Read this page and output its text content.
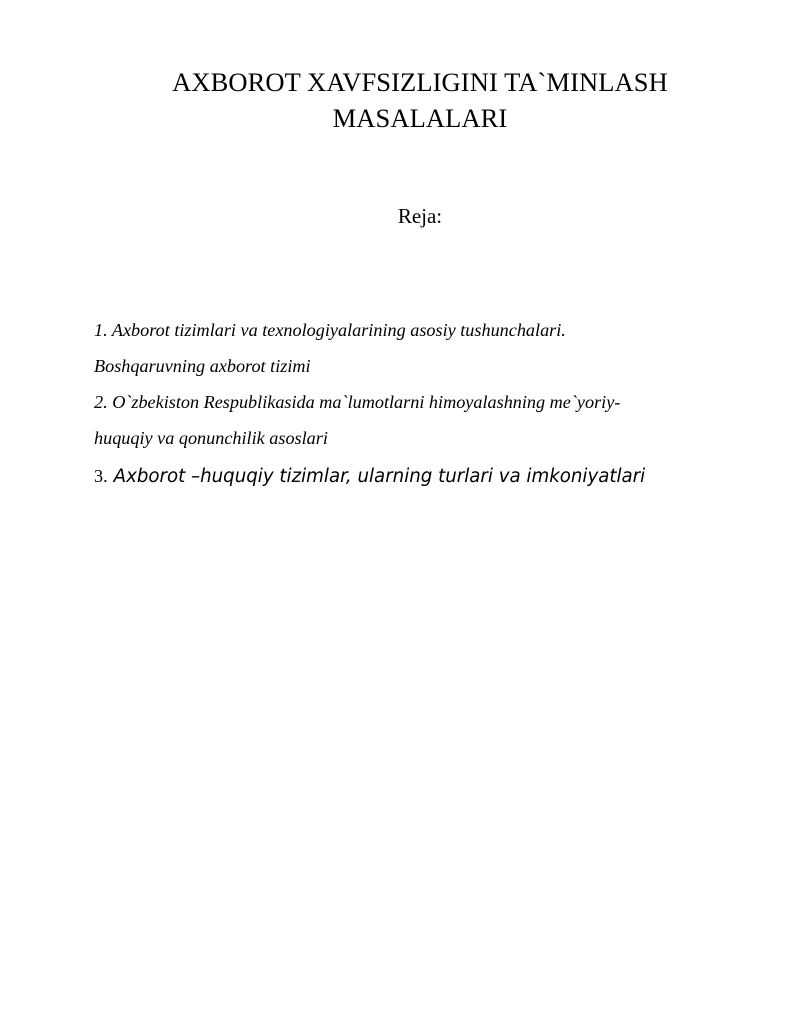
AXBOROT XAVFSIZLIGINI TA`MINLASH
MASALALARI
Reja:
1. Axborot tizimlari va texnologiyalarining asosiy tushunchalari.
Boshqaruvning axborot tizimi
2. O`zbekiston Respublikasida ma`lumotlarni himoyalashning me`yoriy-
huquqiy va qonunchilik asoslari
3. Axborot –huquqiy tizimlar, ularning turlari va imkoniyatlari
